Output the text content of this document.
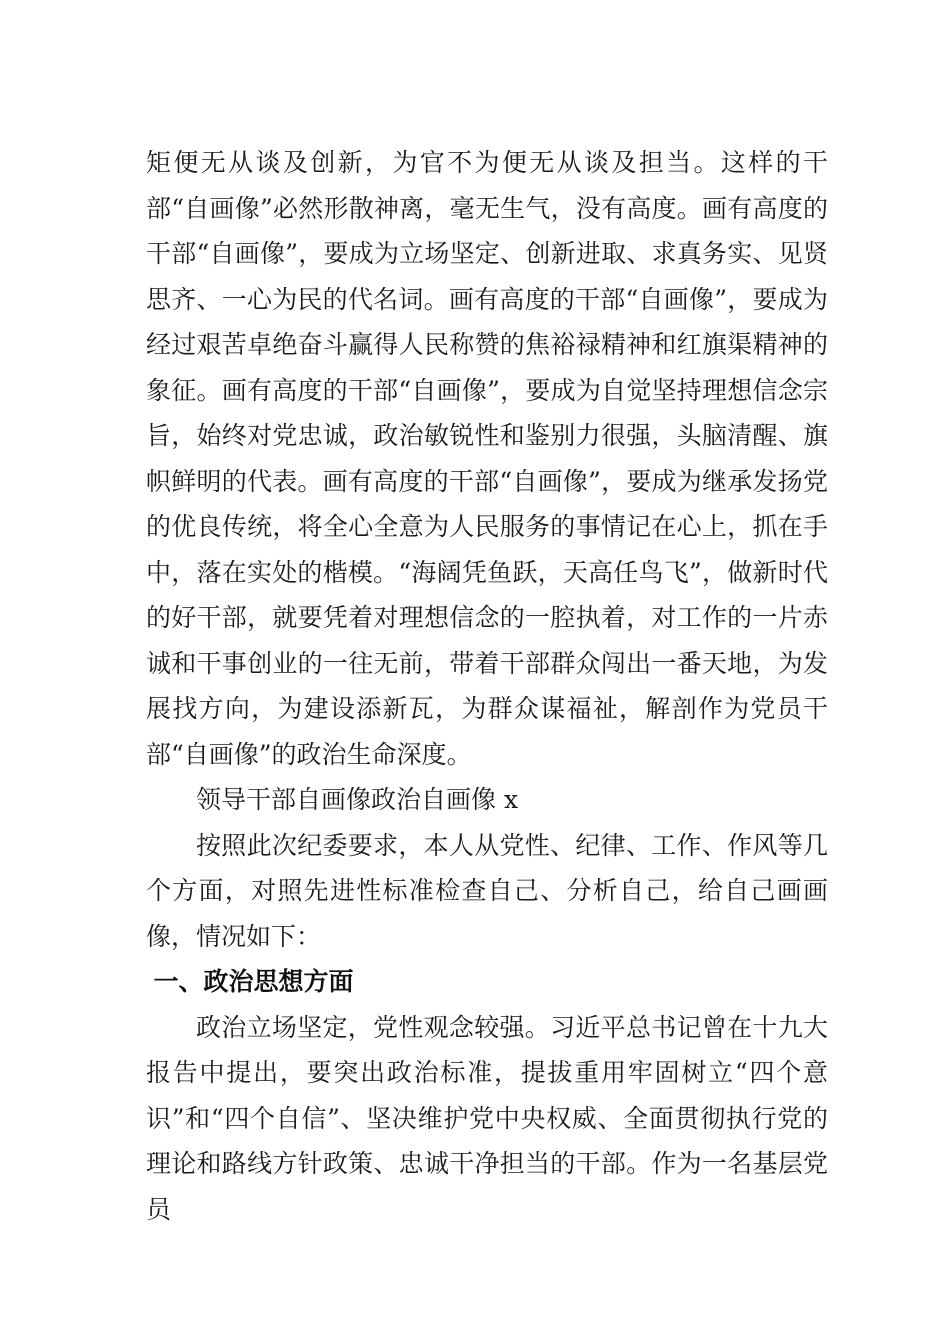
矩便无从谈及创新，为官不为便无从谈及担当。这样的干部“自画像”必然形散神离，毫无生气，没有高度。画有高度的干部“自画像”，要成为立场坚定、创新进取、求真务实、见贤思齐、一心为民的代名词。画有高度的干部“自画像”，要成为经过艰苦卓绝奋斗赢得人民称赞的焦裕禄精神和红旗渠精神的象征。画有高度的干部“自画像”，要成为自觉坚持理想信念宗旨，始终对党忠诚，政治敏锐性和鉴别力很强，头脑清醒、旗帜鲜明的代表。画有高度的干部“自画像”，要成为继承发扬党的优良传统，将全心全意为人民服务的事情记在心上，抓在手中，落在实处的楷模。“海阔凭鱼跃，天高任鸟飞”，做新时代的好干部，就要凭着对理想信念的一腔执着，对工作的一片赤诚和干事创业的一往无前，带着干部群众闯出一番天地，为发展找方向，为建设添新瓦，为群众谋福祉，解剖作为党员干部“自画像”的政治生命深度。

领导干部自画像政治自画像 x

按照此次纪委要求，本人从党性、纪律、工作、作风等几个方面，对照先进性标准检查自己、分析自己，给自己画画像，情况如下：

一、政治思想方面

政治立场坚定，党性观念较强。习近平总书记曾在十九大报告中提出，要突出政治标准，提拔重用牢固树立“四个意识”和“四个自信”、坚决维护党中央权威、全面贯彻执行党的理论和路线方针政策、忠诚干净担当的干部。作为一名基层党员
